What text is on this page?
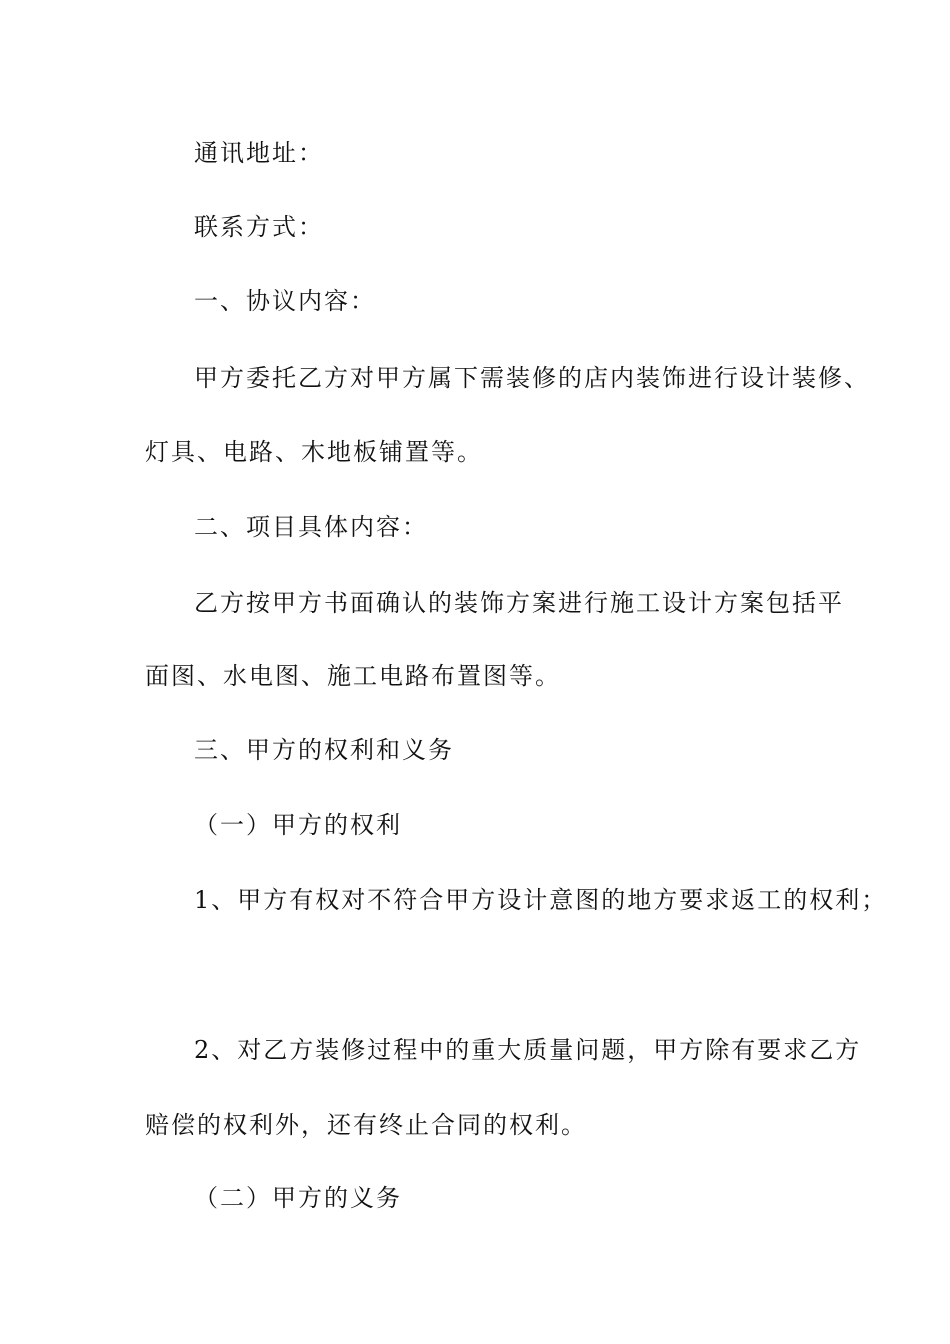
通讯地址：
联系方式：
一、协议内容：
甲方委托乙方对甲方属下需装修的店内装饰进行设计装修、
灯具、电路、木地板铺置等。
二、项目具体内容：
乙方按甲方书面确认的装饰方案进行施工设计方案包括平
面图、水电图、施工电路布置图等。
三、甲方的权利和义务
（一）甲方的权利
1、甲方有权对不符合甲方设计意图的地方要求返工的权利；
2、对乙方装修过程中的重大质量问题，甲方除有要求乙方
赔偿的权利外，还有终止合同的权利。
（二）甲方的义务
